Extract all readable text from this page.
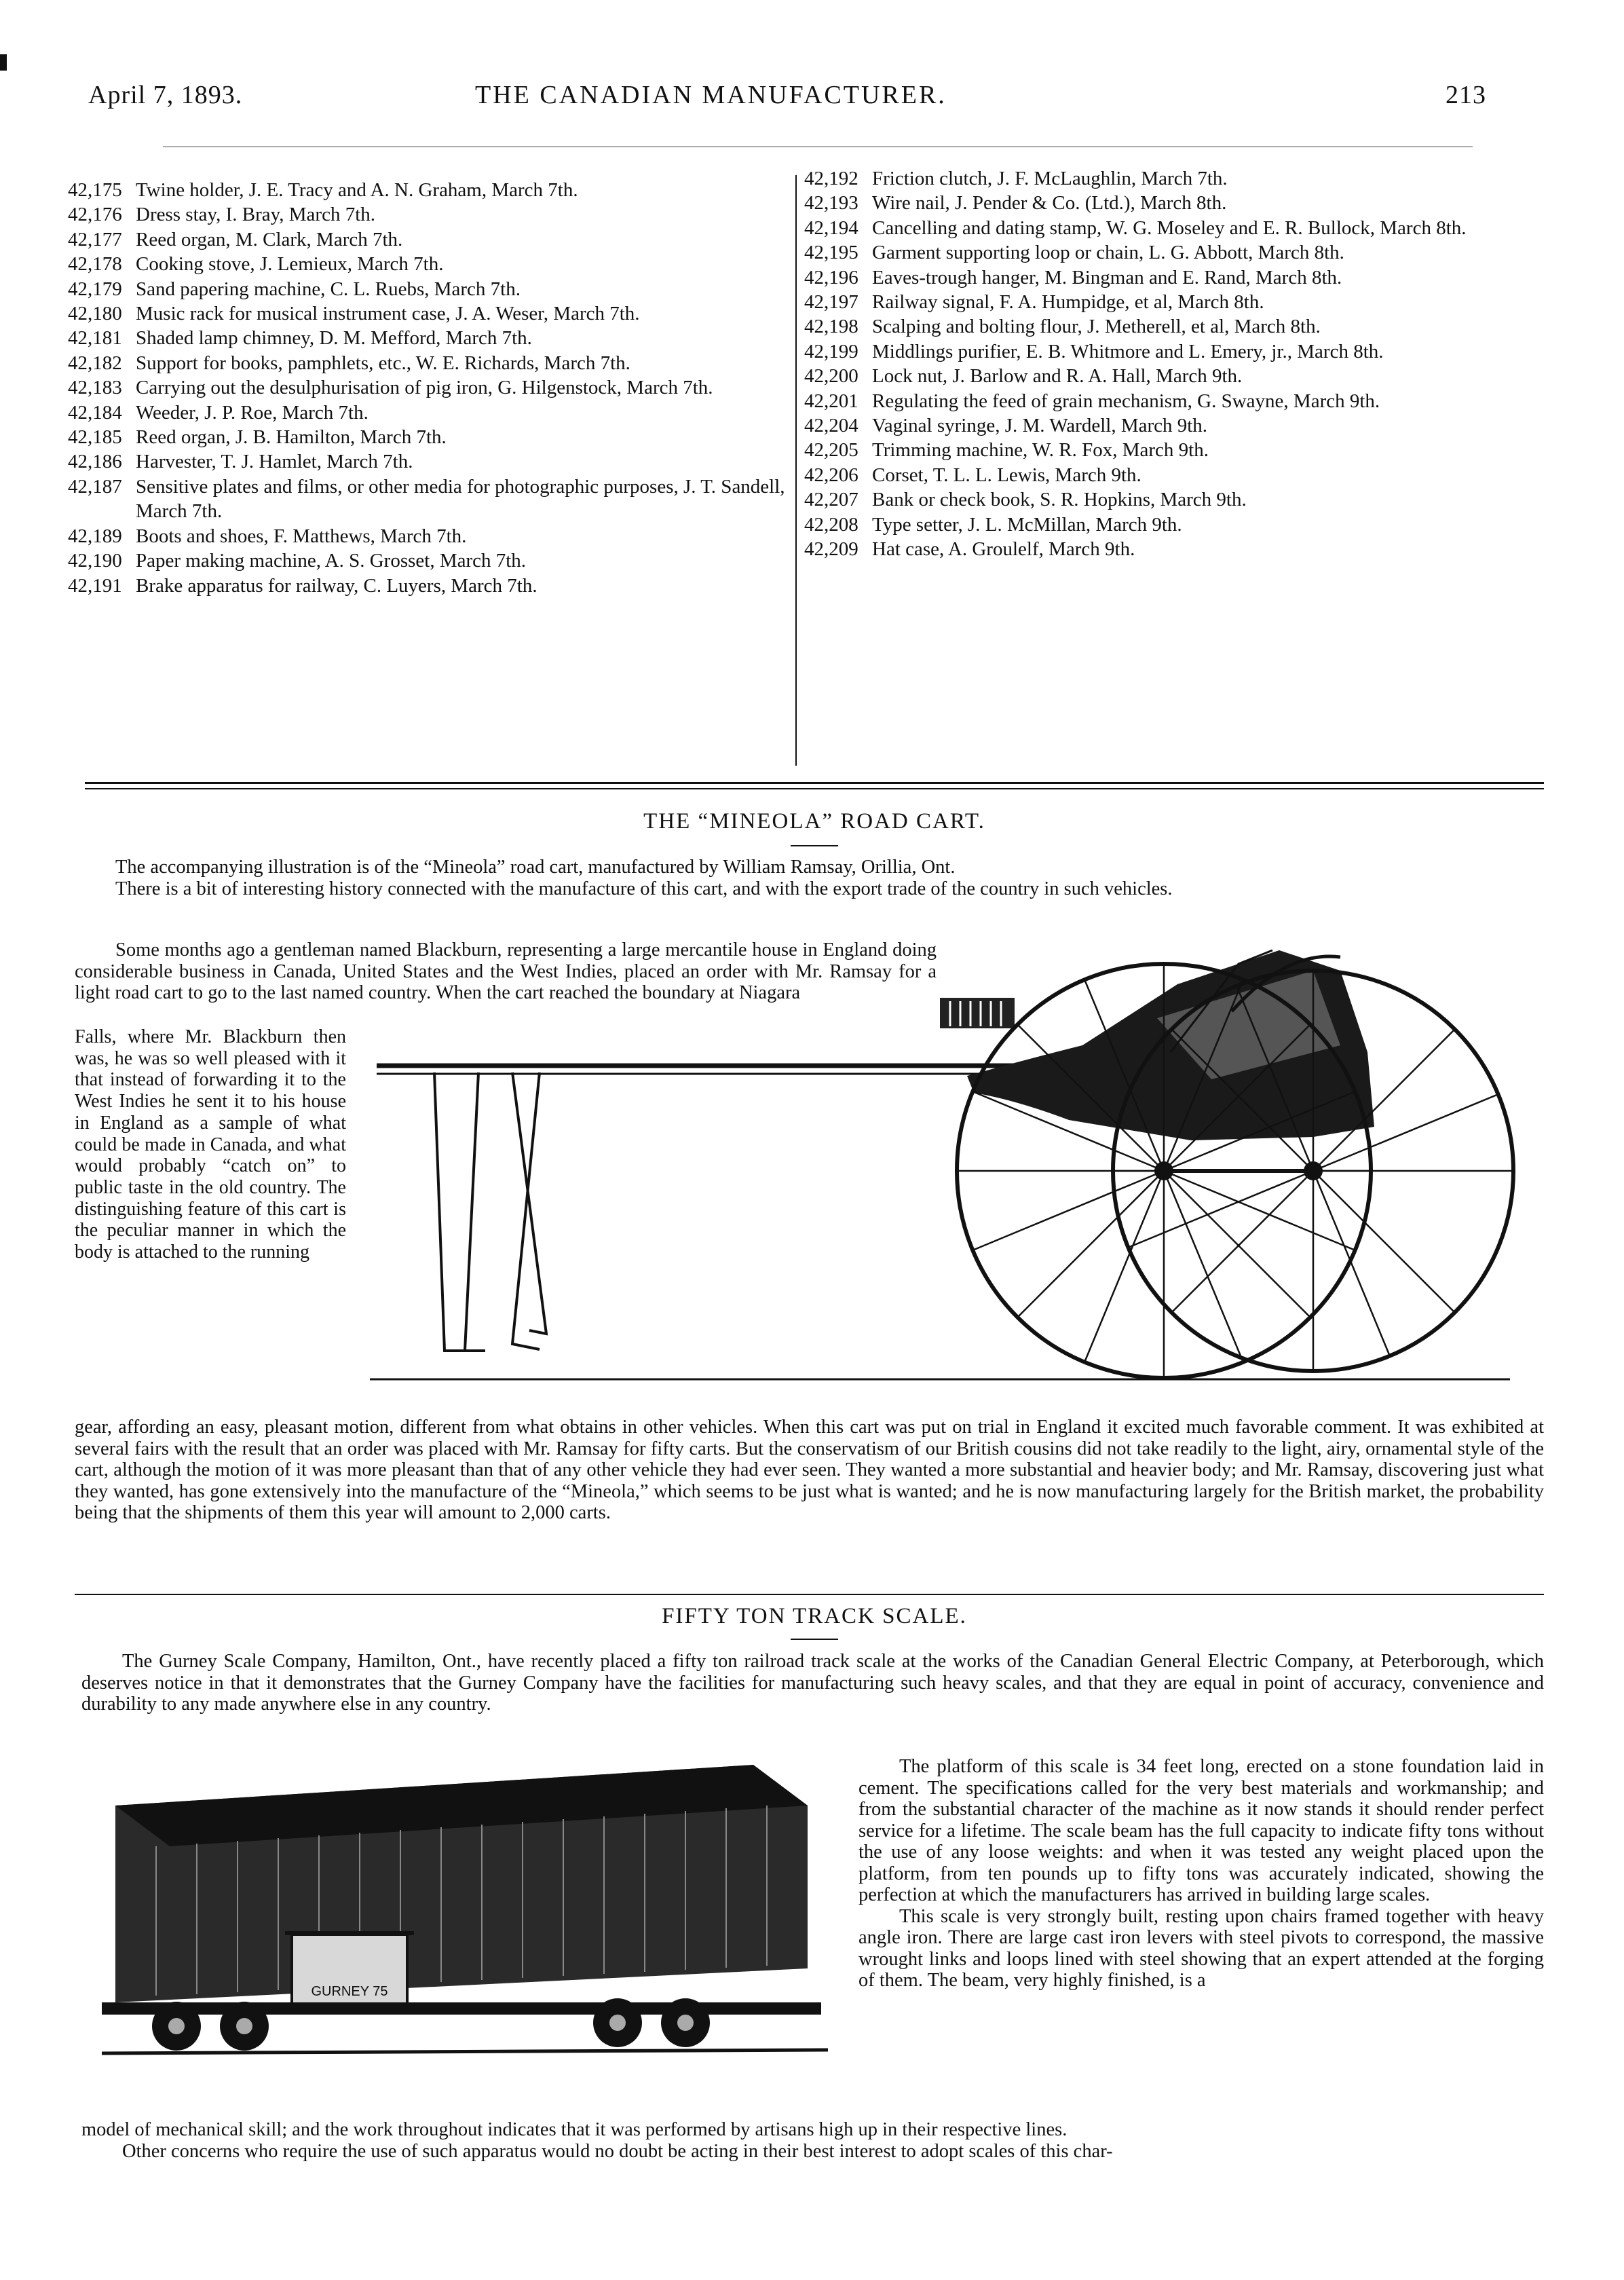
April 7, 1893.	THE CANADIAN MANUFACTURER.	213
42,175 Twine holder, J. E. Tracy and A. N. Graham, March 7th.
42,176 Dress stay, I. Bray, March 7th.
42,177 Reed organ, M. Clark, March 7th.
42,178 Cooking stove, J. Lemieux, March 7th.
42,179 Sand papering machine, C. L. Ruebs, March 7th.
42,180 Music rack for musical instrument case, J. A. Weser, March 7th.
42,181 Shaded lamp chimney, D. M. Mefford, March 7th.
42,182 Support for books, pamphlets, etc., W. E. Richards, March 7th.
42,183 Carrying out the desulphurisation of pig iron, G. Hilgenstock, March 7th.
42,184 Weeder, J. P. Roe, March 7th.
42,185 Reed organ, J. B. Hamilton, March 7th.
42,186 Harvester, T. J. Hamlet, March 7th.
42,187 Sensitive plates and films, or other media for photographic purposes, J. T. Sandell, March 7th.
42,189 Boots and shoes, F. Matthews, March 7th.
42,190 Paper making machine, A. S. Grosset, March 7th.
42,191 Brake apparatus for railway, C. Luyers, March 7th.
42,192 Friction clutch, J. F. McLaughlin, March 7th.
42,193 Wire nail, J. Pender & Co. (Ltd.), March 8th.
42,194 Cancelling and dating stamp, W. G. Moseley and E. R. Bullock, March 8th.
42,195 Garment supporting loop or chain, L. G. Abbott, March 8th.
42,196 Eaves-trough hanger, M. Bingman and E. Rand, March 8th.
42,197 Railway signal, F. A. Humpidge, et al, March 8th.
42,198 Scalping and bolting flour, J. Metherell, et al, March 8th.
42,199 Middlings purifier, E. B. Whitmore and L. Emery, jr., March 8th.
42,200 Lock nut, J. Barlow and R. A. Hall, March 9th.
42,201 Regulating the feed of grain mechanism, G. Swayne, March 9th.
42,204 Vaginal syringe, J. M. Wardell, March 9th.
42,205 Trimming machine, W. R. Fox, March 9th.
42,206 Corset, T. L. L. Lewis, March 9th.
42,207 Bank or check book, S. R. Hopkins, March 9th.
42,208 Type setter, J. L. McMillan, March 9th.
42,209 Hat case, A. Groulelf, March 9th.
THE “MINEOLA” ROAD CART.

The accompanying illustration is of the “Mineola” road cart, manufactured by William Ramsay, Orillia, Ont.

There is a bit of interesting history connected with the manufacture of this cart, and with the export trade of the country in such vehicles.

Some months ago a gentleman named Blackburn, representing a large mercantile house in England doing considerable business in Canada, United States and the West Indies, placed an order with Mr. Ramsay for a light road cart to go to the last named country. When the cart reached the boundary at Niagara

Falls, where Mr. Blackburn then was, he was so well pleased with it that instead of forwarding it to the West Indies he sent it to his house in England as a sample of what could be made in Canada, and what would probably “catch on” to public taste in the old country. The distinguishing feature of this cart is the peculiar manner in which the body is attached to the running

gear, affording an easy, pleasant motion, different from what obtains in other vehicles. When this cart was put on trial in England it excited much favorable comment. It was exhibited at several fairs with the result that an order was placed with Mr. Ramsay for fifty carts. But the conservatism of our British cousins did not take readily to the light, airy, ornamental style of the cart, although the motion of it was more pleasant than that of any other vehicle they had ever seen. They wanted a more substantial and heavier body; and Mr. Ramsay, discovering just what they wanted, has gone extensively into the manufacture of the “Mineola,” which seems to be just what is wanted; and he is now manufacturing largely for the British market, the probability being that the shipments of them this year will amount to 2,000 carts.

FIFTY TON TRACK SCALE.

The Gurney Scale Company, Hamilton, Ont., have recently placed a fifty ton railroad track scale at the works of the Canadian General Electric Company, at Peterborough, which deserves notice in that it demonstrates that the Gurney Company have the facilities for manufacturing such heavy scales, and that they are equal in point of accuracy, convenience and durability to any made anywhere else in any country.

GURNEY 75

The platform of this scale is 34 feet long, erected on a stone foundation laid in cement. The specifications called for the very best materials and workmanship; and from the substantial character of the machine as it now stands it should render perfect service for a lifetime. The scale beam has the full capacity to indicate fifty tons without the use of any loose weights: and when it was tested any weight placed upon the platform, from ten pounds up to fifty tons was accurately indicated, showing the perfection at which the manufacturers has arrived in building large scales.

This scale is very strongly built, resting upon chairs framed together with heavy angle iron. There are large cast iron levers with steel pivots to correspond, the massive wrought links and loops lined with steel showing that an expert attended at the forging of them. The beam, very highly finished, is a

model of mechanical skill; and the work throughout indicates that it was performed by artisans high up in their respective lines.

Other concerns who require the use of such apparatus would no doubt be acting in their best interest to adopt scales of this char-
